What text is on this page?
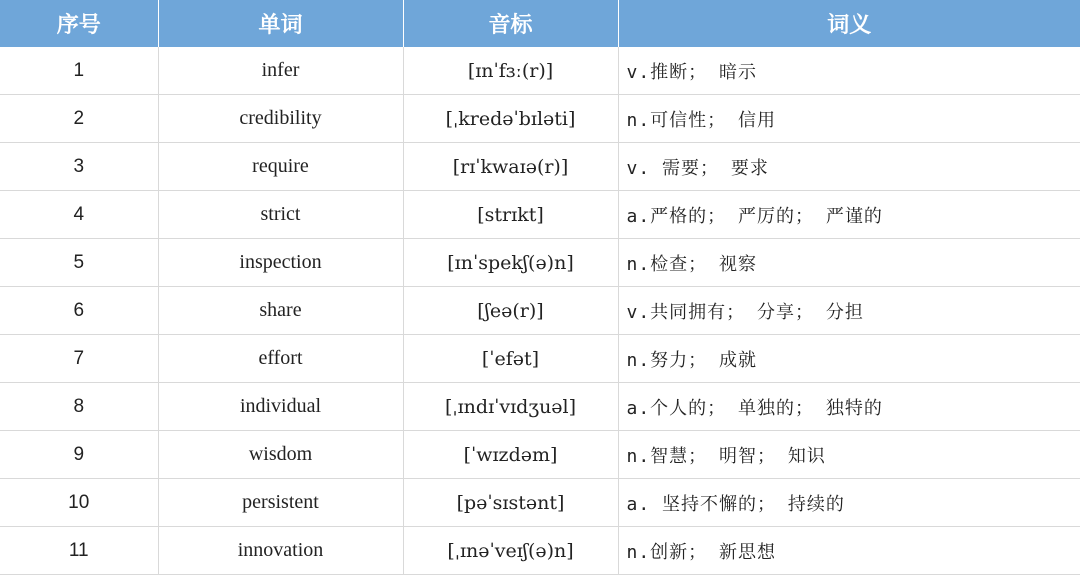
序号	单词	音标	词义
1	infer	[ɪnˈfɜː(r)]	v.推断； 暗示
2	credibility	[ˌkredəˈbɪləti]	n.可信性； 信用
3	require	[rɪˈkwaɪə(r)]	v. 需要； 要求
4	strict	[strɪkt]	a.严格的； 严厉的； 严谨的
5	inspection	[ɪnˈspekʃ(ə)n]	n.检查； 视察
6	share	[ʃeə(r)]	v.共同拥有； 分享； 分担
7	effort	[ˈefət]	n.努力； 成就
8	individual	[ˌɪndɪˈvɪdʒuəl]	a.个人的； 单独的； 独特的
9	wisdom	[ˈwɪzdəm]	n.智慧； 明智； 知识
10	persistent	[pəˈsɪstənt]	a. 坚持不懈的； 持续的
11	innovation	[ˌɪnəˈveɪʃ(ə)n]	n.创新； 新思想
